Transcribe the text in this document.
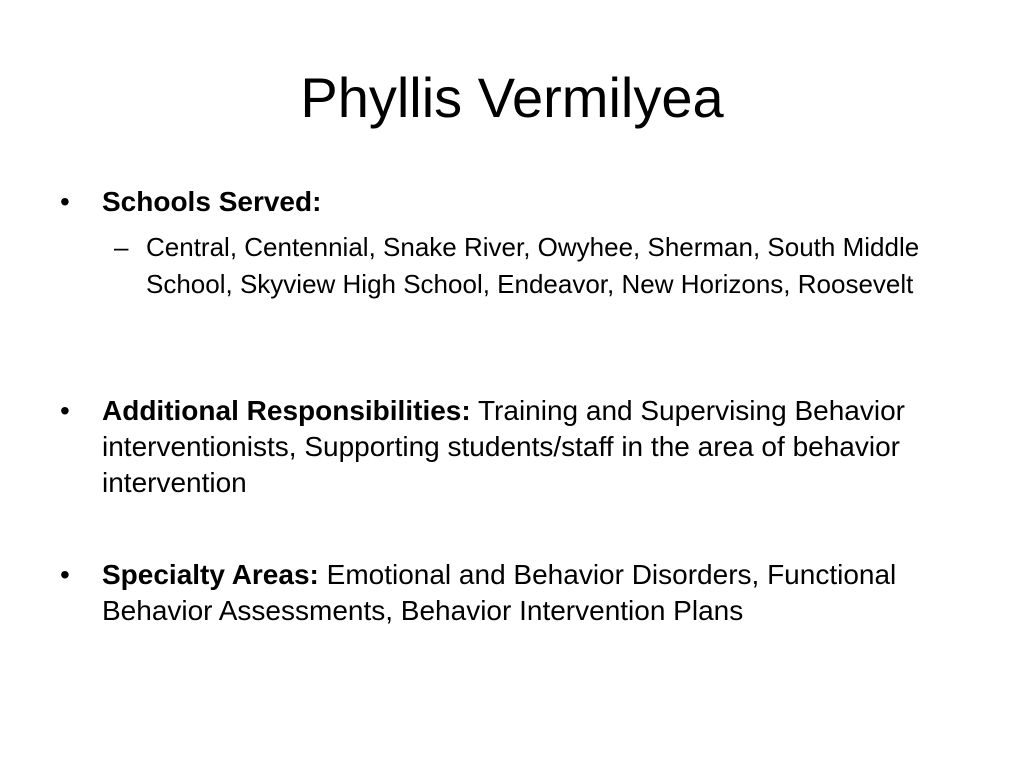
Phyllis Vermilyea
• Schools Served:
– Central, Centennial, Snake River, Owyhee, Sherman, South Middle School, Skyview High School, Endeavor, New Horizons, Roosevelt
• Additional Responsibilities: Training and Supervising Behavior interventionists, Supporting students/staff in the area of behavior intervention
• Specialty Areas: Emotional and Behavior Disorders, Functional Behavior Assessments, Behavior Intervention Plans
